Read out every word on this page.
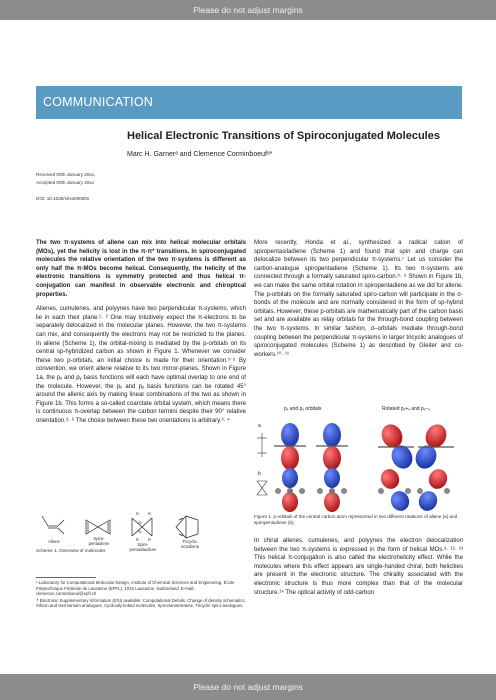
Please do not adjust margins
COMMUNICATION
Helical Electronic Transitions of Spiroconjugated Molecules
Marc H. Garnerᵃ and Clemence Corminboeufᵃ*
Received 00th January 20xx,
Accepted 00th January 20xx
DOI: 10.1039/x0xx00000x

The two π-systems of allene can mix into helical molecular orbitals (MOs), yet the helicity is lost in the π-π* transitions. In spiroconjugated molecules the relative orientation of the two π-systems is different as only half the π-MOs become helical. Consequently, the helicity of the electronic transitions is symmetry protected and thus helical π-conjugation can manifest in observable electronic and chiroptical properties.

Allenes, cumulenes, and polyynes have two perpendicular π-systems, which lie in each their plane.¹· ² One may intuitively expect the π-electrons to be separately delocalized in the molecular planes. However, the two π-systems can mix, and consequently the electrons may not be restricted to the planes. In allene (Scheme 1), the orbital-mixing is mediated by the p-orbitals on its central sp-hybridized carbon as shown in Figure 1. Whenever we consider these two p-orbitals, an initial choice is made for their orientation.³⁻⁵ By convention, we orient allene relative to its two mirror-planes. Shown in Figure 1a, the pₓ and pᵧ basis functions will each have optimal overlap to one end of the molecule. However, the pₓ and pᵧ basis functions can be rotated 45° around the allenic axis by making linear combinations of the two as shown in Figure 1b. This forms a so-called coarctate orbital system, which means there is continuous π-overlap between the carbon termini despite their 90° relative orientation.³· ⁶ The choice between these two orientations is arbitrary.³· ⁴

R R
R R
Si
Si
Allene
Spiro-
pentadiene	Spiro-
pentasiladiene
Tricyclo-
octadiene
Scheme 1. Overview of molecules

ᵃ Laboratory for Computational Molecular Design, Institute of Chemical Sciences and Engineering, École Polytechnique Fédérale de Lausanne (EPFL), 1015 Lausanne, Switzerland. E-mail: clemence.corminboeuf@epfl.ch

† Electronic Supplementary Information (ESI) available: Computational Details, Change of density schematics, Silicon and Germanium analogues, Cyclically-linked molecules, Spironanotetraene, Tricyclic spiro-analogues.

More recently, Honda et al., synthesized a radical cation of spiropentasiladiene (Scheme 1) and found that spin and charge can delocalize between its two perpendicular π-systems.⁷ Let us consider the carbon-analogue spiropentadiene (Scheme 1). Its two π-systems are connected through a formally saturated spiro-carbon.⁸· ⁹ Shown in Figure 1b, we can make the same orbital rotation in spiropentadiene as we did for allene. The p-orbitals on the formally saturated spiro-carbon will participate in the σ-bonds of the molecule and are normally considered in the form of sp-hybrid orbitals. However, these p-orbitals are mathematically part of the carbon basis set and are available as relay orbitals for the through-bond coupling between the two π-systems. In similar fashion, σ–orbitals mediate through-bond coupling between the perpendicular π-systems in larger tricyclic analogues of spiroconjugated molecules (Scheme 1) as described by Gleiter and co-workers.¹⁰· ¹¹

pₓ and pᵧ orbitals	Rotated pₓ+ᵧ and pₓ−ᵧ
a
b
Figure 1. p-orbitals of the central carbon atom represented in two different rotations of allene (a) and spiropentadiene (b).

In chiral allenes, cumulenes, and polyynes the electron delocalization between the two π-systems is expressed in the form of helical MOs.³· ¹²· ¹³ This helical π-conjugation is also called the electrohelicity effect. While the molecules where this effect appears are single-handed chiral, both helicities are present in the electronic structure. The chirality associated with the electronic structure is thus more complex than that of the molecular structure.¹⁴ The optical activity of odd-carbon

Please do not adjust margins
